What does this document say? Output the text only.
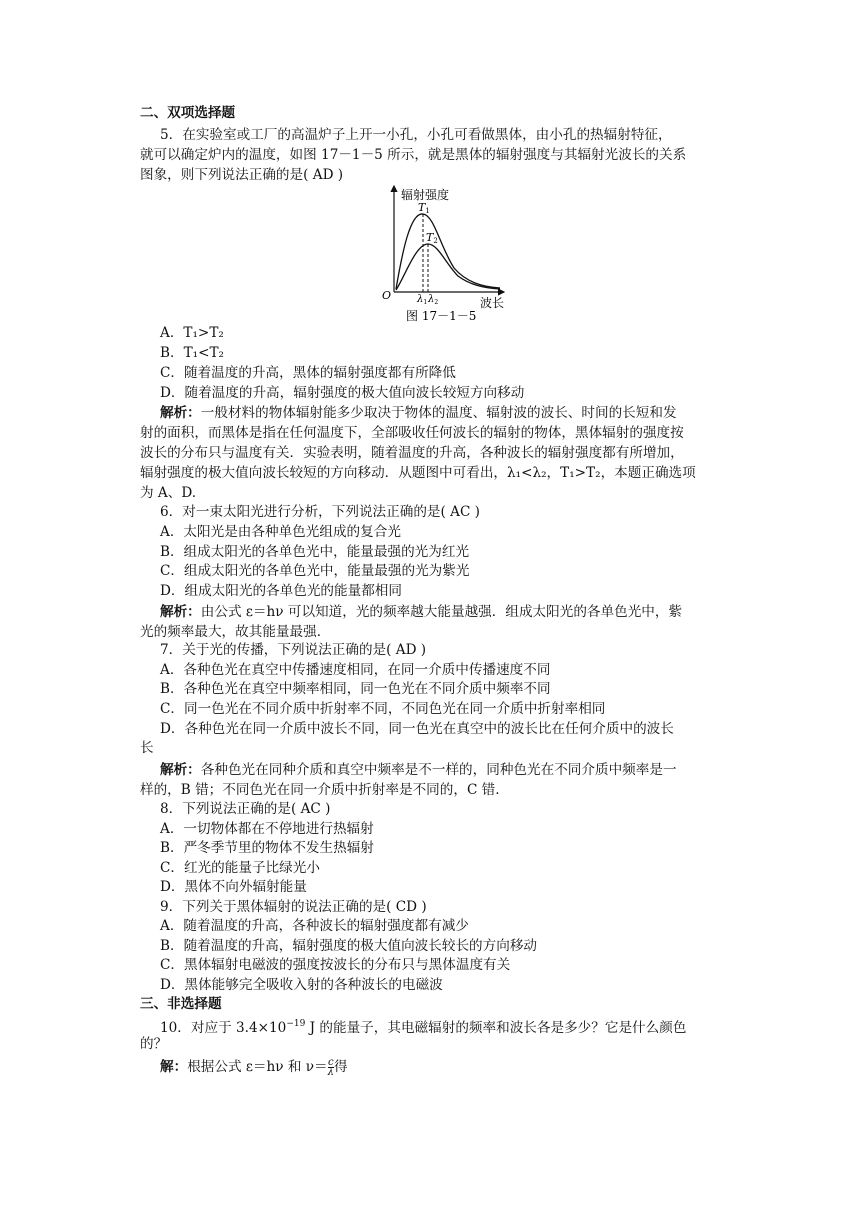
二、双项选择题
5．在实验室或工厂的高温炉子上开一小孔，小孔可看做黑体，由小孔的热辐射特征，
就可以确定炉内的温度，如图 17－1－5 所示，就是黑体的辐射强度与其辐射光波长的关系
图象，则下列说法正确的是( AD )
辐射强度
O
波长
T1
T2
$\lambda_1$ $\lambda_2$
图 17－1－5
A．T₁>T₂
B．T₁<T₂
C．随着温度的升高，黑体的辐射强度都有所降低
D．随着温度的升高，辐射强度的极大值向波长较短方向移动
解析：一般材料的物体辐射能多少取决于物体的温度、辐射波的波长、时间的长短和发
射的面积，而黑体是指在任何温度下，全部吸收任何波长的辐射的物体，黑体辐射的强度按
波长的分布只与温度有关．实验表明，随着温度的升高，各种波长的辐射强度都有所增加，
辐射强度的极大值向波长较短的方向移动．从题图中可看出，λ₁<λ₂，T₁>T₂，本题正确选项
为 A、D.
6．对一束太阳光进行分析，下列说法正确的是( AC )
A．太阳光是由各种单色光组成的复合光
B．组成太阳光的各单色光中，能量最强的光为红光
C．组成太阳光的各单色光中，能量最强的光为紫光
D．组成太阳光的各单色光的能量都相同
解析：由公式 ε＝hν 可以知道，光的频率越大能量越强．组成太阳光的各单色光中，紫
光的频率最大，故其能量最强．
7．关于光的传播，下列说法正确的是( AD )
A．各种色光在真空中传播速度相同，在同一介质中传播速度不同
B．各种色光在真空中频率相同，同一色光在不同介质中频率不同
C．同一色光在不同介质中折射率不同，不同色光在同一介质中折射率相同
D．各种色光在同一介质中波长不同，同一色光在真空中的波长比在任何介质中的波长
长
解析：各种色光在同种介质和真空中频率是不一样的，同种色光在不同介质中频率是一
样的，B 错；不同色光在同一介质中折射率是不同的，C 错.
8．下列说法正确的是( AC )
A．一切物体都在不停地进行热辐射
B．严冬季节里的物体不发生热辐射
C．红光的能量子比绿光小
D．黑体不向外辐射能量
9．下列关于黑体辐射的说法正确的是( CD )
A．随着温度的升高，各种波长的辐射强度都有减少
B．随着温度的升高，辐射强度的极大值向波长较长的方向移动
C．黑体辐射电磁波的强度按波长的分布只与黑体温度有关
D．黑体能够完全吸收入射的各种波长的电磁波
三、非选择题
10．对应于 $3.4\times 10^{-19}$ J 的能量子，其电磁辐射的频率和波长各是多少？它是什么颜色
的？
解：根据公式 ε＝hν 和 $\nu= \frac{c}{\lambda}$ 得
